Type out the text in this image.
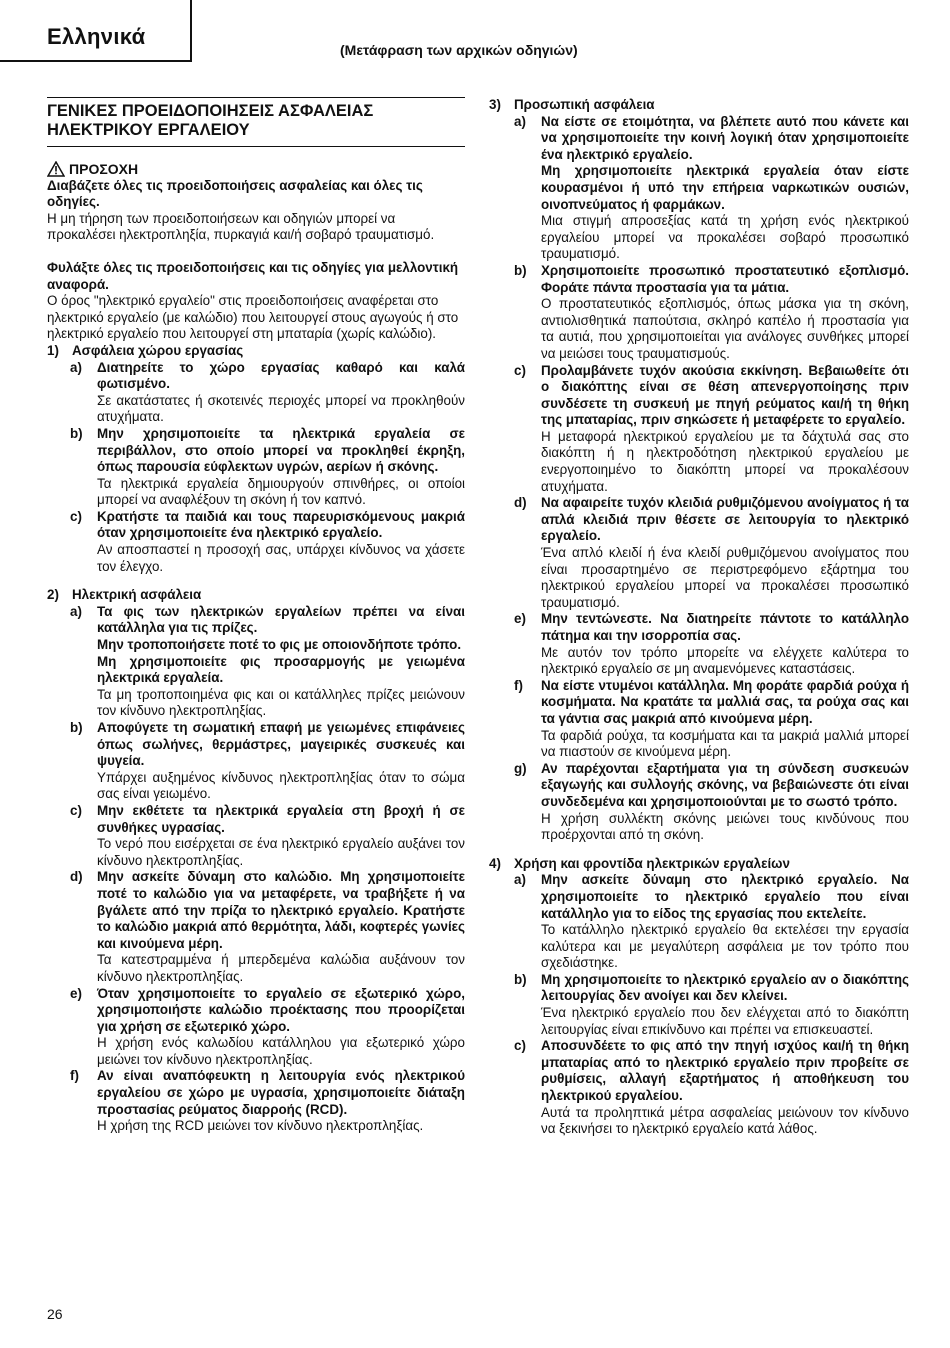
Ελληνικά
(Μετάφραση των αρχικών οδηγιών)
ΓΕΝΙΚΕΣ ΠΡΟΕΙΔΟΠΟΙΗΣΕΙΣ ΑΣΦΑΛΕΙΑΣ ΗΛΕΚΤΡΙΚΟΥ ΕΡΓΑΛΕΙΟΥ
ΠΡΟΣΟΧΗ

Διαβάζετε όλες τις προειδοποιήσεις ασφαλείας και όλες τις οδηγίες.

Η μη τήρηση των προειδοποιήσεων και οδηγιών μπορεί να προκαλέσει ηλεκτροπληξία, πυρκαγιά και/ή σοβαρό τραυματισμό.

Φυλάξτε όλες τις προειδοποιήσεις και τις οδηγίες για μελλοντική αναφορά.

Ο όρος "ηλεκτρικό εργαλείο" στις προειδοποιήσεις αναφέρεται στο ηλεκτρικό εργαλείο (με καλώδιο) που λειτουργεί στους αγωγούς ή στο ηλεκτρικό εργαλείο που λειτουργεί στη μπαταρία (χωρίς καλώδιο).

1) Ασφάλεια χώρου εργασίας
a)	Διατηρείτε το χώρο εργασίας καθαρό και καλά φωτισμένο.

Σε ακατάστατες ή σκοτεινές περιοχές μπορεί να προκληθούν ατυχήματα.

b)	Μην χρησιμοποιείτε τα ηλεκτρικά εργαλεία σε περιβάλλον, στο οποίο μπορεί να προκληθεί έκρηξη, όπως παρουσία εύφλεκτων υγρών, αερίων ή σκόνης.

Τα ηλεκτρικά εργαλεία δημιουργούν σπινθήρες, οι οποίοι μπορεί να αναφλέξουν τη σκόνη ή τον καπνό.

c)	Κρατήστε τα παιδιά και τους παρευρισκόμενους μακριά όταν χρησιμοποιείτε ένα ηλεκτρικό εργαλείο.

Αν αποσπαστεί η προσοχή σας, υπάρχει κίνδυνος να χάσετε τον έλεγχο.

2) Ηλεκτρική ασφάλεια
a)	Τα φις των ηλεκτρικών εργαλείων πρέπει να είναι κατάλληλα για τις πρίζες.

Μην τροποποιήσετε ποτέ το φις με οποιονδήποτε τρόπο.

Μη χρησιμοποιείτε φις προσαρμογής με γειωμένα ηλεκτρικά εργαλεία.

Τα μη τροποποιημένα φις και οι κατάλληλες πρίζες μειώνουν τον κίνδυνο ηλεκτροπληξίας.

b)	Αποφύγετε τη σωματική επαφή με γειωμένες επιφάνειες όπως σωλήνες, θερμάστρες, μαγειρικές συσκευές και ψυγεία.

Υπάρχει αυξημένος κίνδυνος ηλεκτροπληξίας όταν το σώμα σας είναι γειωμένο.

c)	Μην εκθέτετε τα ηλεκτρικά εργαλεία στη βροχή ή σε συνθήκες υγρασίας.

Το νερό που εισέρχεται σε ένα ηλεκτρικό εργαλείο αυξάνει τον κίνδυνο ηλεκτροπληξίας.

d)	Μην ασκείτε δύναμη στο καλώδιο. Μη χρησιμοποιείτε ποτέ το καλώδιο για να μεταφέρετε, να τραβήξετε ή να βγάλετε από την πρίζα το ηλεκτρικό εργαλείο. Κρατήστε το καλώδιο μακριά από θερμότητα, λάδι, κοφτερές γωνίες και κινούμενα μέρη.

Τα κατεστραμμένα ή μπερδεμένα καλώδια αυξάνουν τον κίνδυνο ηλεκτροπληξίας.

e)	Όταν χρησιμοποιείτε το εργαλείο σε εξωτερικό χώρο, χρησιμοποιήστε καλώδιο προέκτασης που προορίζεται για χρήση σε εξωτερικό χώρο.

Η χρήση ενός καλωδίου κατάλληλου για εξωτερικό χώρο μειώνει τον κίνδυνο ηλεκτροπληξίας.

f)	Αν είναι αναπόφευκτη η λειτουργία ενός ηλεκτρικού εργαλείου σε χώρο με υγρασία, χρησιμοποιείτε διάταξη προστασίας ρεύματος διαρροής (RCD).

Η χρήση της RCD μειώνει τον κίνδυνο ηλεκτροπληξίας.

3) Προσωπική ασφάλεια
a)	Να είστε σε ετοιμότητα, να βλέπετε αυτό που κάνετε και να χρησιμοποιείτε την κοινή λογική όταν χρησιμοποιείτε ένα ηλεκτρικό εργαλείο.

Μη χρησιμοποιείτε ηλεκτρικά εργαλεία όταν είστε κουρασμένοι ή υπό την επήρεια ναρκωτικών ουσιών, οινοπνεύματος ή φαρμάκων.

Μια στιγμή απροσεξίας κατά τη χρήση ενός ηλεκτρικού εργαλείου μπορεί να προκαλέσει σοβαρό προσωπικό τραυματισμό.

b)	Χρησιμοποιείτε προσωπικό προστατευτικό εξοπλισμό. Φοράτε πάντα προστασία για τα μάτια.

Ο προστατευτικός εξοπλισμός, όπως μάσκα για τη σκόνη, αντιολισθητικά παπούτσια, σκληρό καπέλο ή προστασία για τα αυτιά, που χρησιμοποιείται για ανάλογες συνθήκες μπορεί να μειώσει τους τραυματισμούς.

c)	Προλαμβάνετε τυχόν ακούσια εκκίνηση. Βεβαιωθείτε ότι ο διακόπτης είναι σε θέση απενεργοποίησης πριν συνδέσετε τη συσκευή με πηγή ρεύματος και/ή τη θήκη της μπαταρίας, πριν σηκώσετε ή μεταφέρετε το εργαλείο.

Η μεταφορά ηλεκτρικού εργαλείου με τα δάχτυλά σας στο διακόπτη ή η ηλεκτροδότηση ηλεκτρικού εργαλείου με ενεργοποιημένο το διακόπτη μπορεί να προκαλέσουν ατυχήματα.

d)	Να αφαιρείτε τυχόν κλειδιά ρυθμιζόμενου ανοίγματος ή τα απλά κλειδιά πριν θέσετε σε λειτουργία το ηλεκτρικό εργαλείο.

Ένα απλό κλειδί ή ένα κλειδί ρυθμιζόμενου ανοίγματος που είναι προσαρτημένο σε περιστρεφόμενο εξάρτημα του ηλεκτρικού εργαλείου μπορεί να προκαλέσει προσωπικό τραυματισμό.

e)	Μην τεντώνεστε. Να διατηρείτε πάντοτε το κατάλληλο πάτημα και την ισορροπία σας.

Με αυτόν τον τρόπο μπορείτε να ελέγχετε καλύτερα το ηλεκτρικό εργαλείο σε μη αναμενόμενες καταστάσεις.

f)	Να είστε ντυμένοι κατάλληλα. Μη φοράτε φαρδιά ρούχα ή κοσμήματα. Να κρατάτε τα μαλλιά σας, τα ρούχα σας και τα γάντια σας μακριά από κινούμενα μέρη.

Τα φαρδιά ρούχα, τα κοσμήματα και τα μακριά μαλλιά μπορεί να πιαστούν σε κινούμενα μέρη.

g)	Αν παρέχονται εξαρτήματα για τη σύνδεση συσκευών εξαγωγής και συλλογής σκόνης, να βεβαιώνεστε ότι είναι συνδεδεμένα και χρησιμοποιούνται με το σωστό τρόπο.

Η χρήση συλλέκτη σκόνης μειώνει τους κινδύνους που προέρχονται από τη σκόνη.

4) Χρήση και φροντίδα ηλεκτρικών εργαλείων
a)	Μην ασκείτε δύναμη στο ηλεκτρικό εργαλείο. Να χρησιμοποιείτε το ηλεκτρικό εργαλείο που είναι κατάλληλο για το είδος της εργασίας που εκτελείτε.

Το κατάλληλο ηλεκτρικό εργαλείο θα εκτελέσει την εργασία καλύτερα και με μεγαλύτερη ασφάλεια με τον τρόπο που σχεδιάστηκε.

b)	Μη χρησιμοποιείτε το ηλεκτρικό εργαλείο αν ο διακόπτης λειτουργίας δεν ανοίγει και δεν κλείνει.

Ένα ηλεκτρικό εργαλείο που δεν ελέγχεται από το διακόπτη λειτουργίας είναι επικίνδυνο και πρέπει να επισκευαστεί.

c)	Αποσυνδέετε το φις από την πηγή ισχύος και/ή τη θήκη μπαταρίας από το ηλεκτρικό εργαλείο πριν προβείτε σε ρυθμίσεις, αλλαγή εξαρτήματος ή αποθήκευση του ηλεκτρικού εργαλείου.

Αυτά τα προληπτικά μέτρα ασφαλείας μειώνουν τον κίνδυνο να ξεκινήσει το ηλεκτρικό εργαλείο κατά λάθος.

26
